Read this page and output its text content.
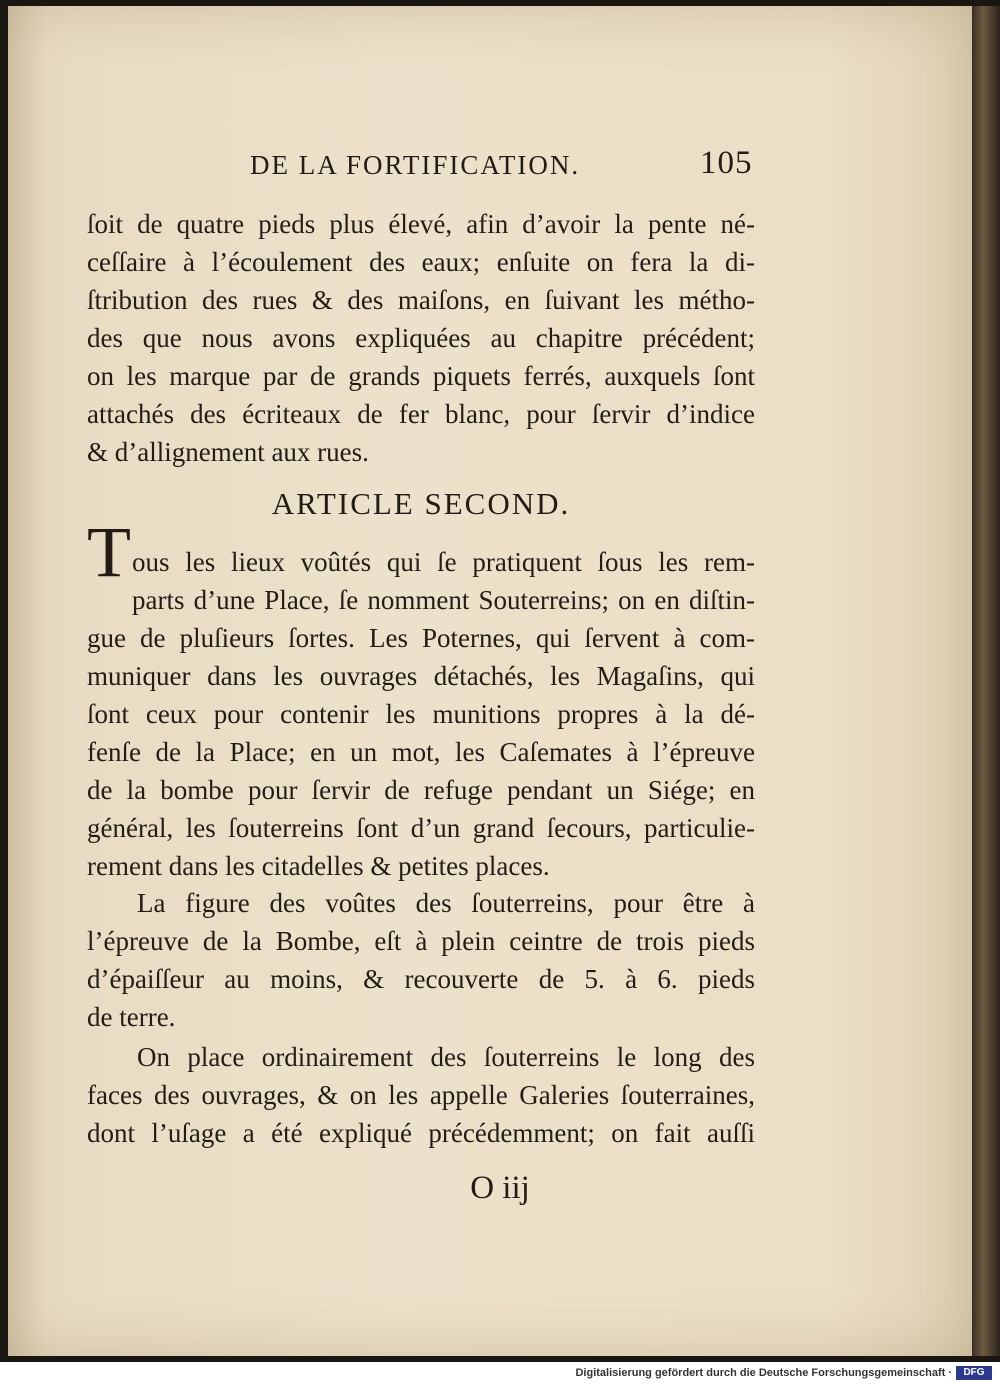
DE LA FORTIFICATION.	105
ſoit de quatre pieds plus élevé, afin d’avoir la pente né-
ceſſaire à l’écoulement des eaux; enſuite on fera la di-
ſtribution des rues & des maiſons, en ſuivant les métho-
des que nous avons expliquées au chapitre précédent;
on les marque par de grands piquets ferrés, auxquels ſont
attachés des écriteaux de fer blanc, pour ſervir d’indice
& d’allignement aux rues.
ARTICLE SECOND.
T ous les lieux voûtés qui ſe pratiquent ſous les rem-
parts d’une Place, ſe nomment Souterreins; on en diſtin-
gue de pluſieurs ſortes. Les Poternes, qui ſervent à com-
muniquer dans les ouvrages détachés, les Magaſins, qui
ſont ceux pour contenir les munitions propres à la dé-
fenſe de la Place; en un mot, les Caſemates à l’épreuve
de la bombe pour ſervir de refuge pendant un Siége; en
général, les ſouterreins ſont d’un grand ſecours, particulie-
rement dans les citadelles & petites places.
La figure des voûtes des ſouterreins, pour être à
l’épreuve de la Bombe, eſt à plein ceintre de trois pieds
d’épaiſſeur au moins, & recouverte de 5. à 6. pieds
de terre.
On place ordinairement des ſouterreins le long des
faces des ouvrages, & on les appelle Galeries ſouterraines,
dont l’uſage a été expliqué précédemment; on fait auſſi
O iij
Digitalisierung gefördert durch die Deutsche Forschungsgemeinschaft ·	DFG
